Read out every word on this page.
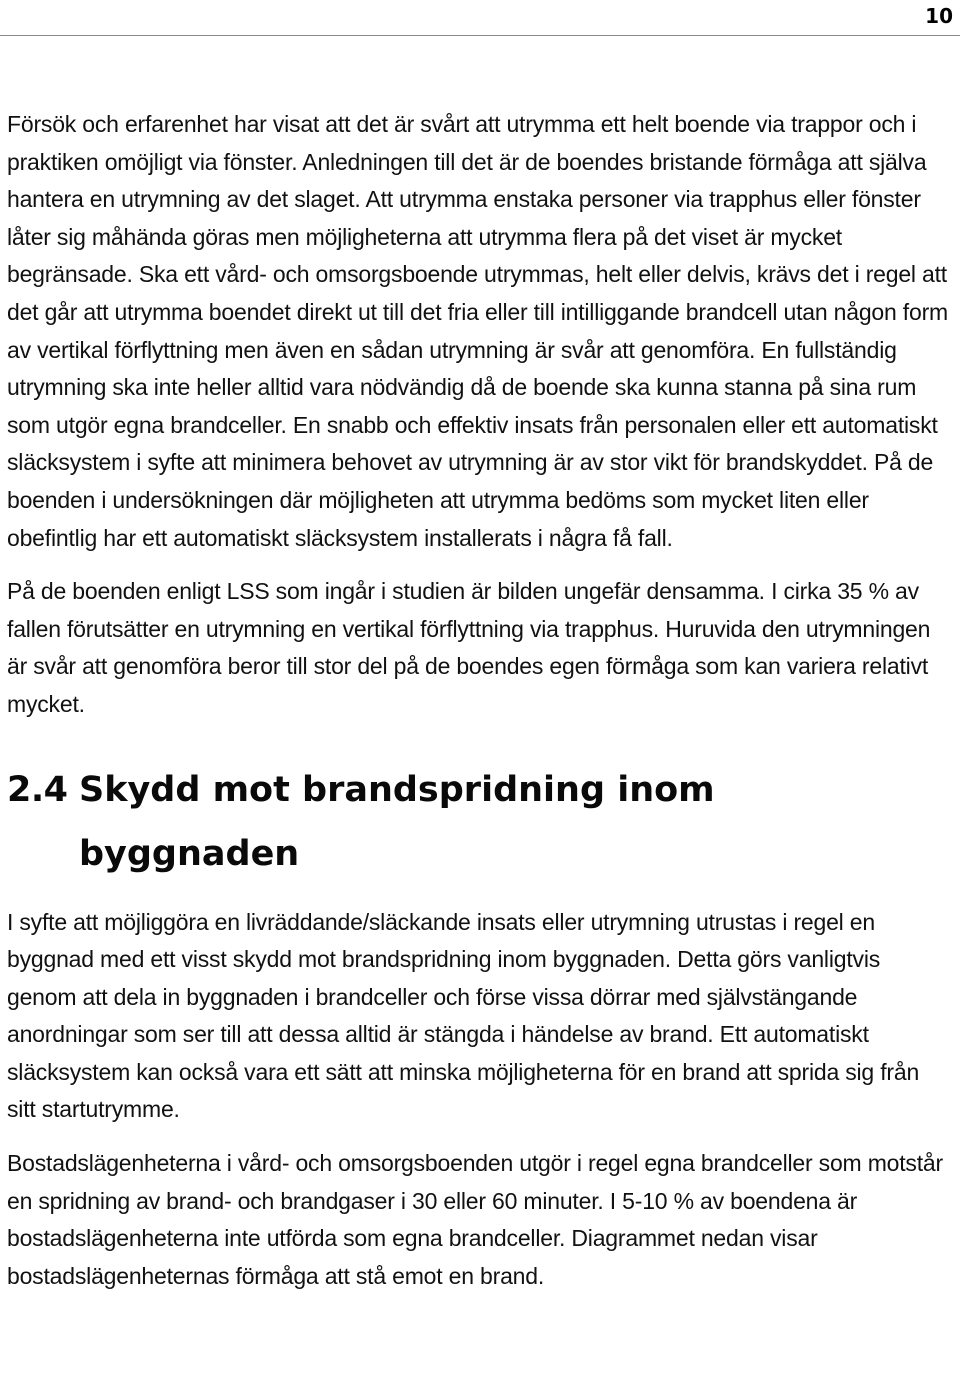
10

Försök och erfarenhet har visat att det är svårt att utrymma ett helt boende via trappor och i praktiken omöjligt via fönster. Anledningen till det är de boendes bristande förmåga att själva hantera en utrymning av det slaget. Att utrymma enstaka personer via trapphus eller fönster låter sig måhända göras men möjligheterna att utrymma flera på det viset är mycket begränsade. Ska ett vård- och omsorgsboende utrymmas, helt eller delvis, krävs det i regel att det går att utrymma boendet direkt ut till det fria eller till intilliggande brandcell utan någon form av vertikal förflyttning men även en sådan utrymning är svår att genomföra. En fullständig utrymning ska inte heller alltid vara nödvändig då de boende ska kunna stanna på sina rum som utgör egna brandceller. En snabb och effektiv insats från personalen eller ett automatiskt släcksystem i syfte att minimera behovet av utrymning är av stor vikt för brandskyddet. På de boenden i undersökningen där möjligheten att utrymma bedöms som mycket liten eller obefintlig har ett automatiskt släcksystem installerats i några få fall.

På de boenden enligt LSS som ingår i studien är bilden ungefär densamma. I cirka 35 % av fallen förutsätter en utrymning en vertikal förflyttning via trapphus. Huruvida den utrymningen är svår att genomföra beror till stor del på de boendes egen förmåga som kan variera relativt mycket.

2.4 Skydd mot brandspridning inom byggnaden

I syfte att möjliggöra en livräddande/släckande insats eller utrymning utrustas i regel en byggnad med ett visst skydd mot brandspridning inom byggnaden. Detta görs vanligtvis genom att dela in byggnaden i brandceller och förse vissa dörrar med självstängande anordningar som ser till att dessa alltid är stängda i händelse av brand. Ett automatiskt släcksystem kan också vara ett sätt att minska möjligheterna för en brand att sprida sig från sitt startutrymme.

Bostadslägenheterna i vård- och omsorgsboenden utgör i regel egna brandceller som motstår en spridning av brand- och brandgaser i 30 eller 60 minuter. I 5-10 % av boendena är bostadslägenheterna inte utförda som egna brandceller. Diagrammet nedan visar bostadslägenheternas förmåga att stå emot en brand.
